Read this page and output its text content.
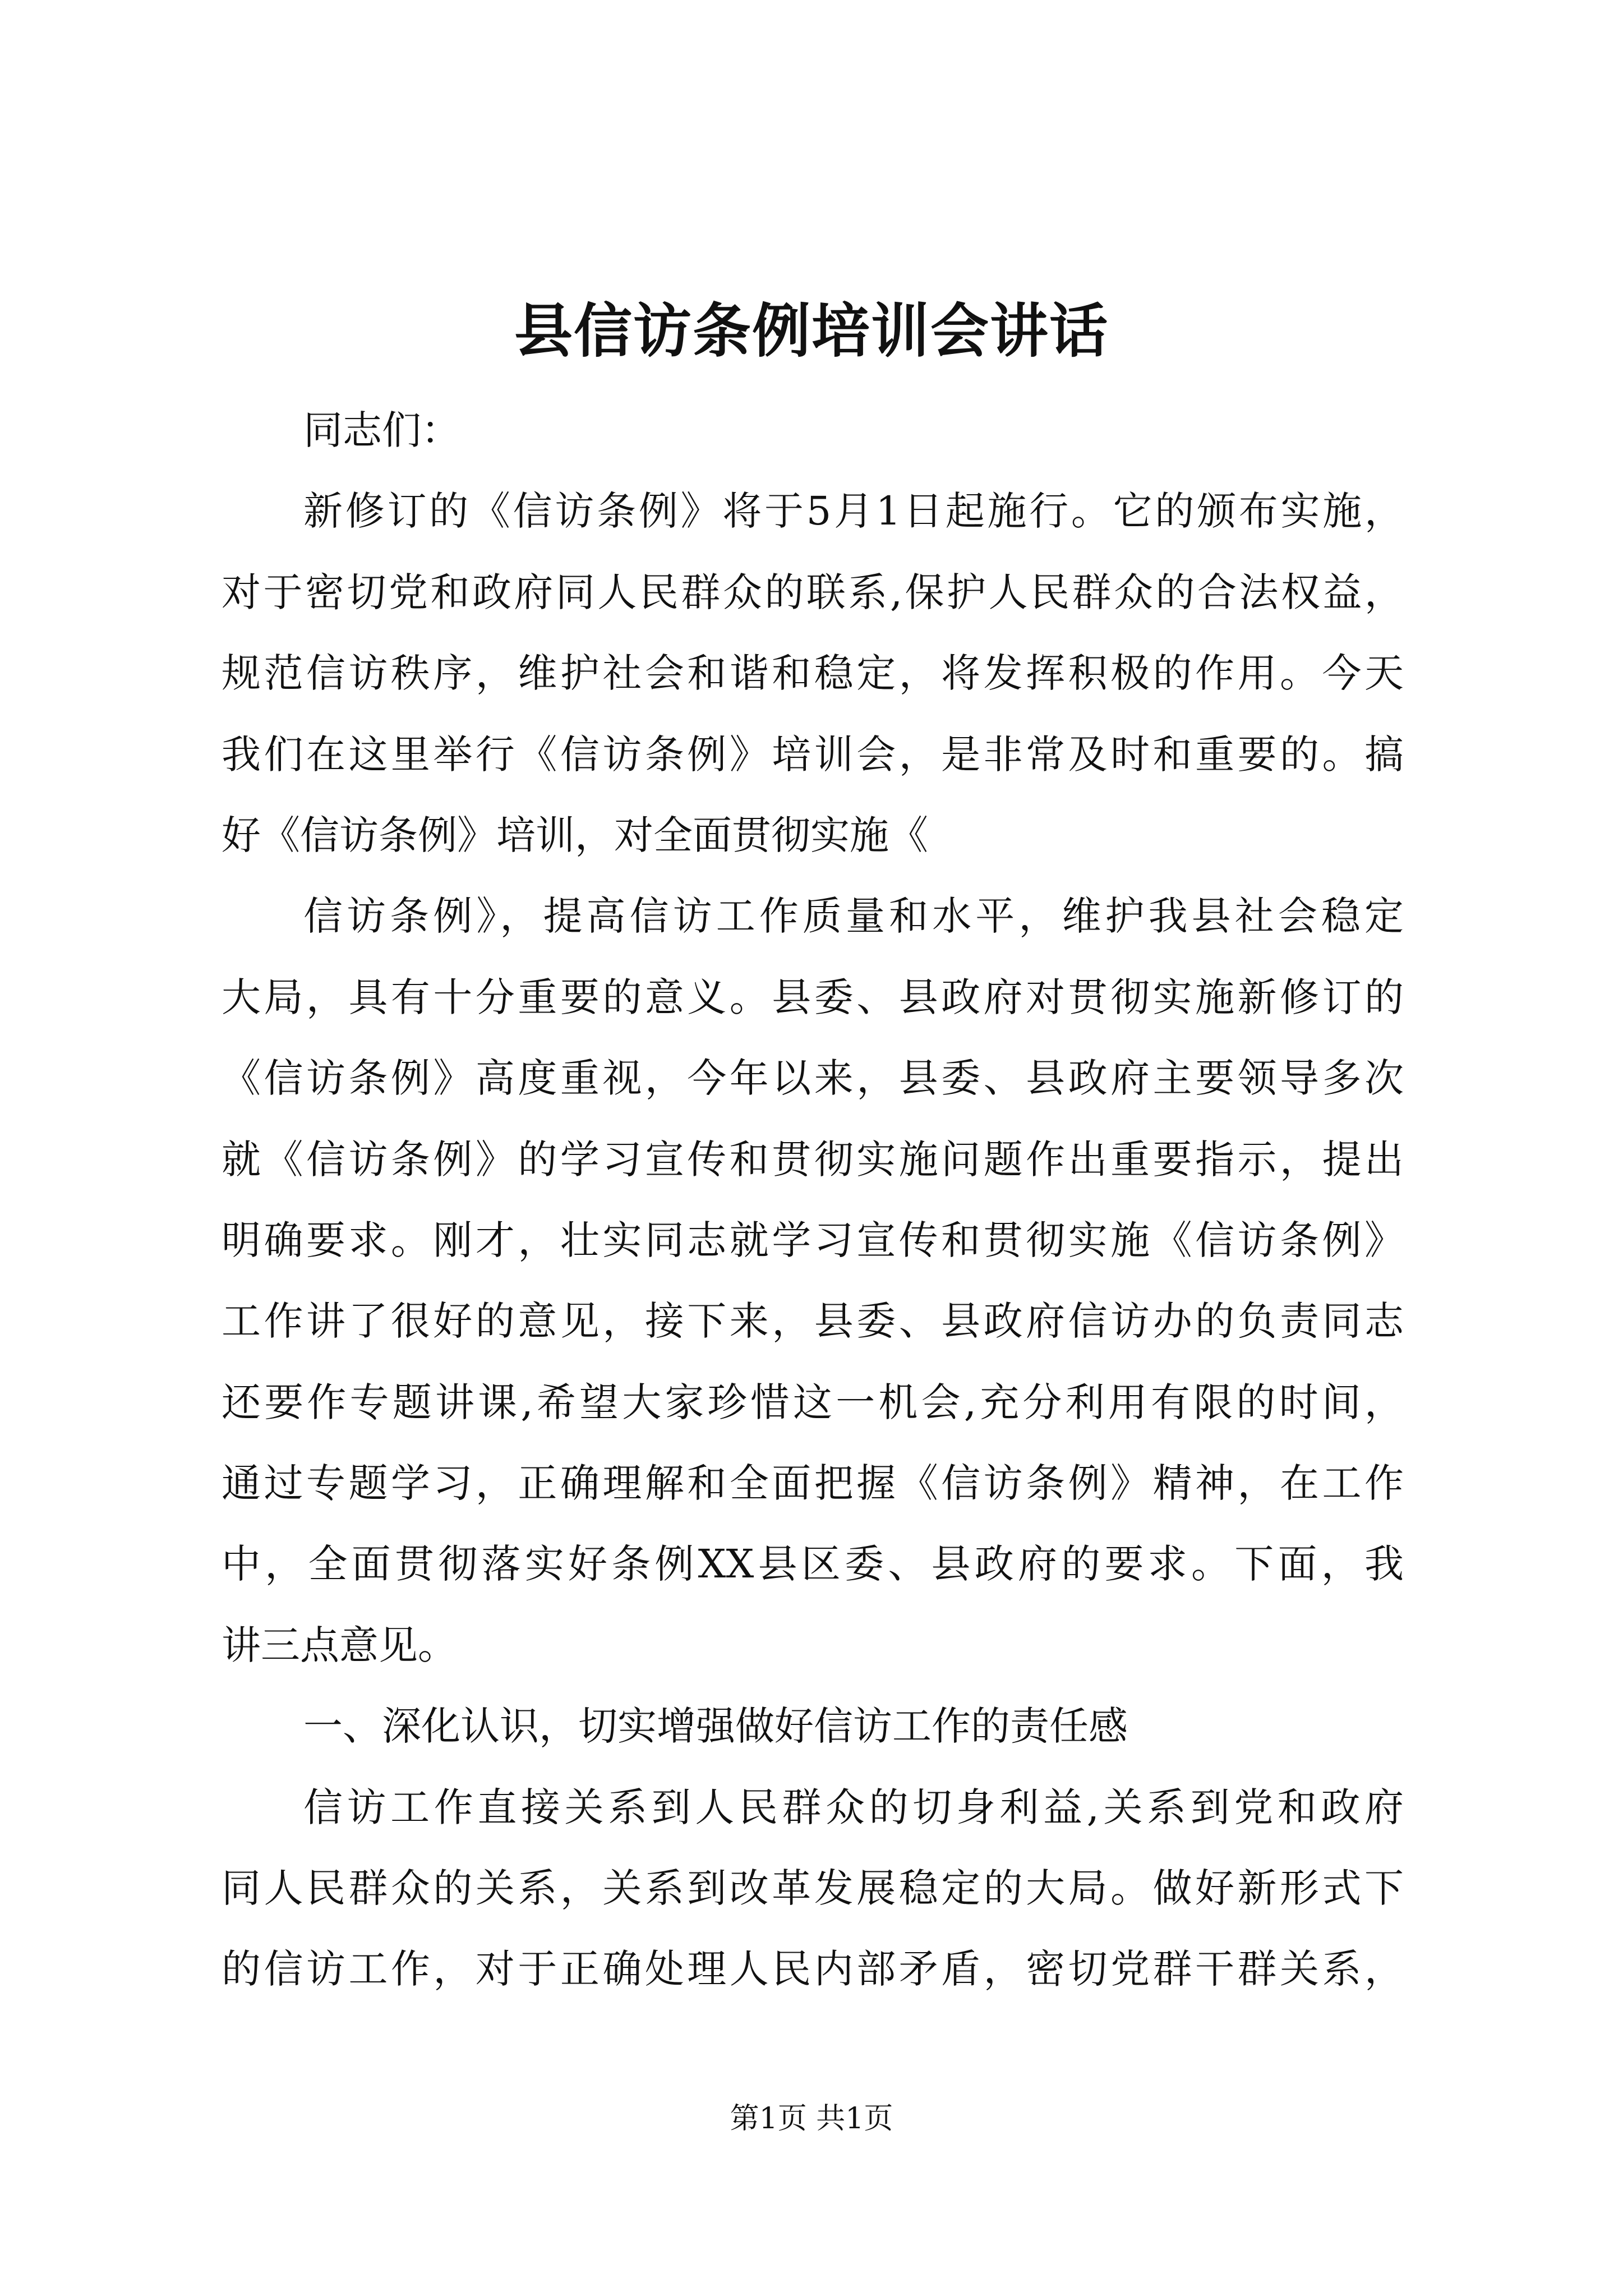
县信访条例培训会讲话
同志们：
新修订的《信访条例》将于5月1日起施行。它的颁布实施，
对于密切党和政府同人民群众的联系,保护人民群众的合法权益，
规范信访秩序，维护社会和谐和稳定，将发挥积极的作用。今天
我们在这里举行《信访条例》培训会，是非常及时和重要的。搞
好《信访条例》培训，对全面贯彻实施《
信访条例》，提高信访工作质量和水平，维护我县社会稳定
大局，具有十分重要的意义。县委、县政府对贯彻实施新修订的
《信访条例》高度重视，今年以来，县委、县政府主要领导多次
就《信访条例》的学习宣传和贯彻实施问题作出重要指示，提出
明确要求。刚才，壮实同志就学习宣传和贯彻实施《信访条例》
工作讲了很好的意见，接下来，县委、县政府信访办的负责同志
还要作专题讲课,希望大家珍惜这一机会,充分利用有限的时间，
通过专题学习，正确理解和全面把握《信访条例》精神，在工作
中，全面贯彻落实好条例XX县区委、县政府的要求。下面，我
讲三点意见。
一、深化认识，切实增强做好信访工作的责任感
信访工作直接关系到人民群众的切身利益,关系到党和政府
同人民群众的关系，关系到改革发展稳定的大局。做好新形式下
的信访工作，对于正确处理人民内部矛盾，密切党群干群关系，
第1页 共1页
